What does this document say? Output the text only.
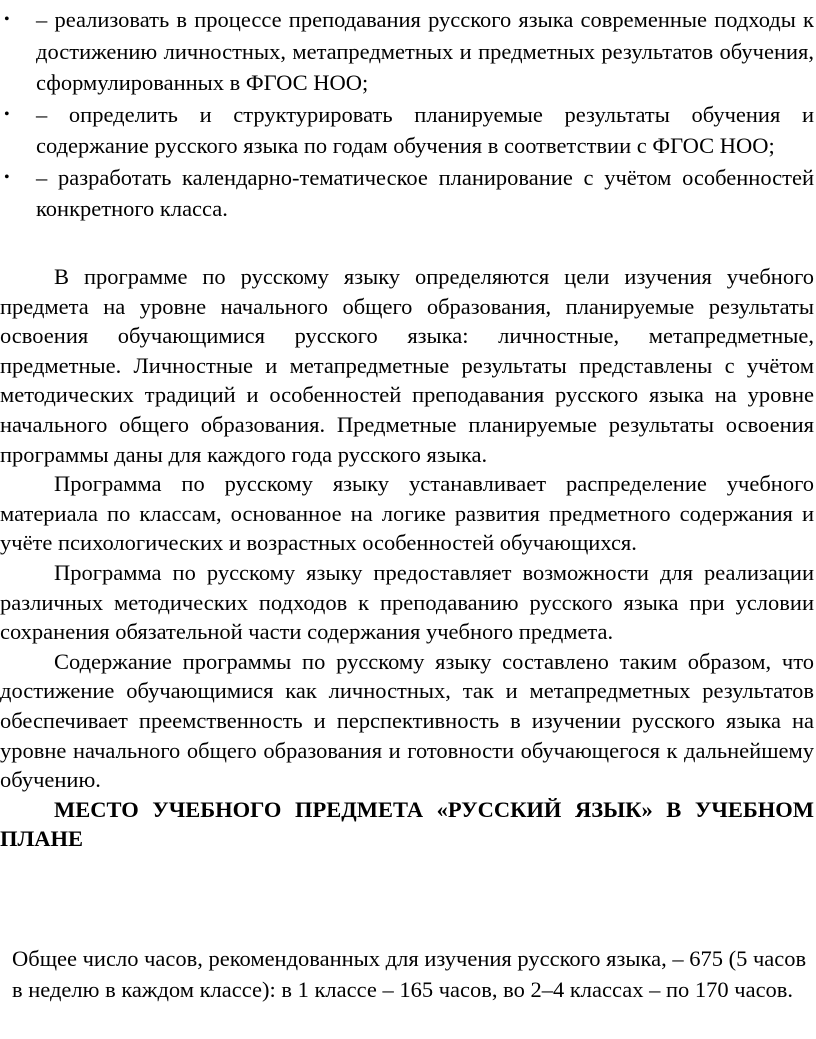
• – реализовать в процессе преподавания русского языка современные подходы к достижению личностных, метапредметных и предметных результатов обучения, сформулированных в ФГОС НОО;
• – определить и структурировать планируемые результаты обучения и содержание русского языка по годам обучения в соответствии с ФГОС НОО;
• – разработать календарно-тематическое планирование с учётом особенностей конкретного класса.

В программе по русскому языку определяются цели изучения учебного предмета на уровне начального общего образования, планируемые результаты освоения обучающимися русского языка: личностные, метапредметные, предметные. Личностные и метапредметные результаты представлены с учётом методических традиций и особенностей преподавания русского языка на уровне начального общего образования. Предметные планируемые результаты освоения программы даны для каждого года русского языка.

Программа по русскому языку устанавливает распределение учебного материала по классам, основанное на логике развития предметного содержания и учёте психологических и возрастных особенностей обучающихся.

Программа по русскому языку предоставляет возможности для реализации различных методических подходов к преподаванию русского языка при условии сохранения обязательной части содержания учебного предмета.

Содержание программы по русскому языку составлено таким образом, что достижение обучающимися как личностных, так и метапредметных результатов обеспечивает преемственность и перспективность в изучении русского языка на уровне начального общего образования и готовности обучающегося к дальнейшему обучению.

МЕСТО УЧЕБНОГО ПРЕДМЕТА «РУССКИЙ ЯЗЫК» В УЧЕБНОМ ПЛАНЕ

Общее число часов, рекомендованных для изучения русского языка, – 675 (5 часов в неделю в каждом классе): в 1 классе – 165 часов, во 2–4 классах – по 170 часов.
